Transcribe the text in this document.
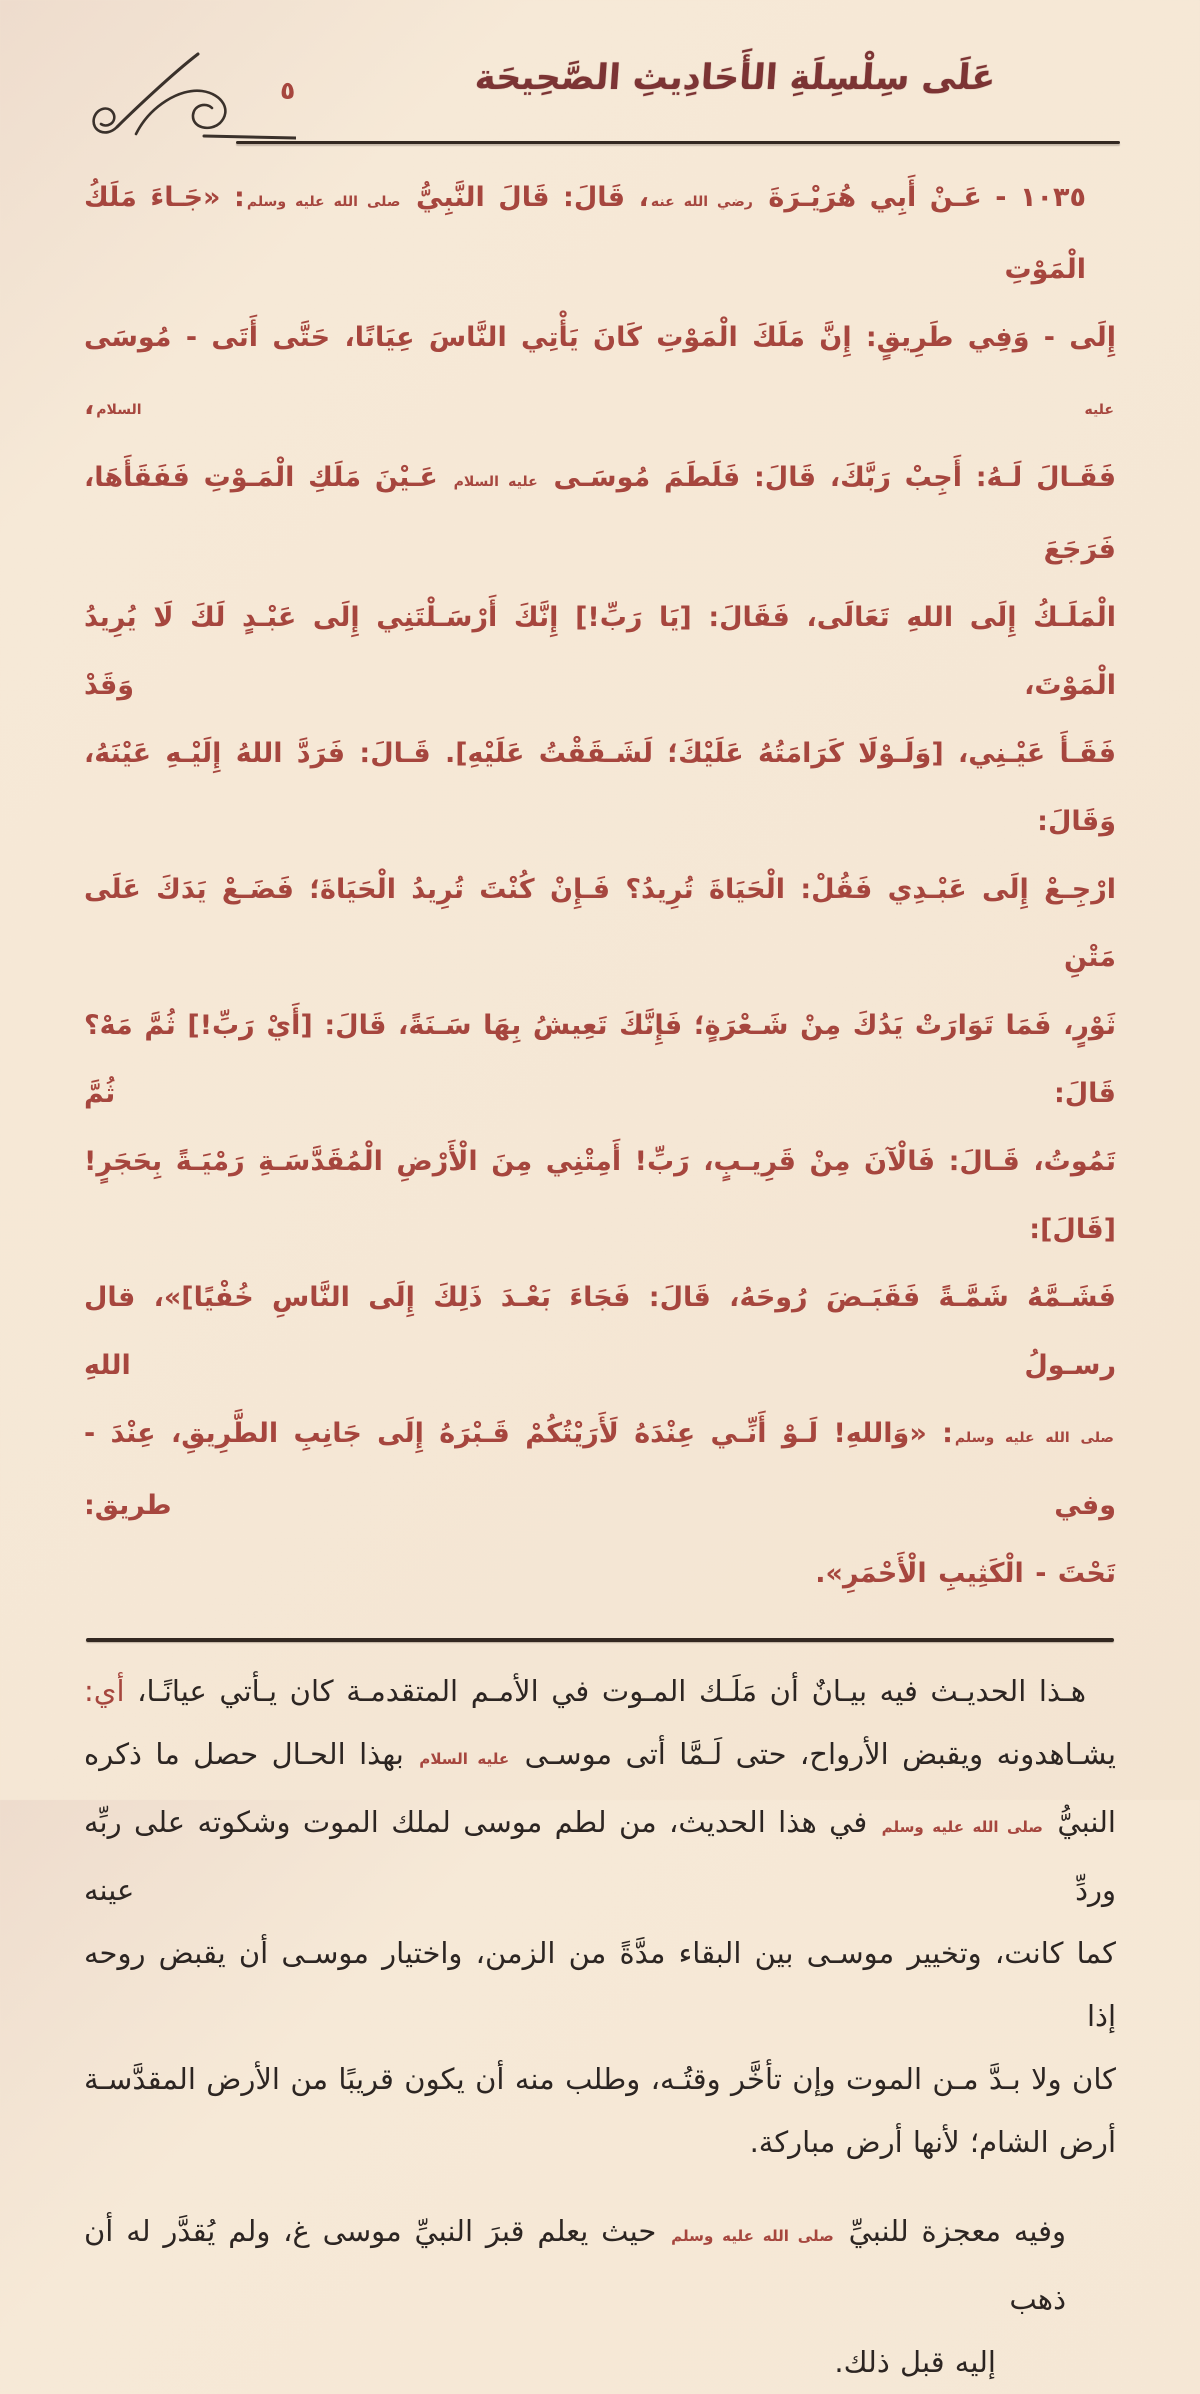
٥	عَلَى سِلْسِلَةِ الأَحَادِيثِ الصَّحِيحَة
١٠٣٥ - عَـنْ أَبِي هُرَيْـرَةَ رضي الله عنه، قَالَ: قَالَ النَّبِيُّ صلى الله عليه وسلم: «جَـاءَ مَلَكُ الْمَوْتِ
إِلَى - وَفِي طَرِيقٍ: إِنَّ مَلَكَ الْمَوْتِ كَانَ يَأْتِي النَّاسَ عِيَانًا، حَتَّى أَتَى - مُوسَى عليه السلام،
فَقَـالَ لَـهُ: أَجِبْ رَبَّكَ، قَالَ: فَلَطَمَ مُوسَـى عليه السلام عَـيْنَ مَلَكِ الْمَـوْتِ فَفَقَأَهَا، فَرَجَعَ
الْمَلَـكُ إِلَى اللهِ تَعَالَى، فَقَالَ: [يَا رَبِّ!] إِنَّكَ أَرْسَـلْتَنِي إِلَى عَبْـدٍ لَكَ لَا يُرِيدُ الْمَوْتَ، وَقَدْ
فَقَـأَ عَيْـنِي، [وَلَـوْلَا كَرَامَتُهُ عَلَيْكَ؛ لَشَـقَقْتُ عَلَيْهِ]. قَـالَ: فَرَدَّ اللهُ إِلَيْـهِ عَيْنَهُ، وَقَالَ:
ارْجِـعْ إِلَى عَبْـدِي فَقُلْ: الْحَيَاةَ تُرِيدُ؟ فَـإِنْ كُنْتَ تُرِيدُ الْحَيَاةَ؛ فَضَـعْ يَدَكَ عَلَى مَتْنِ
ثَوْرٍ، فَمَا تَوَارَتْ يَدُكَ مِنْ شَـعْرَةٍ؛ فَإِنَّكَ تَعِيشُ بِهَا سَـنَةً، قَالَ: [أَيْ رَبِّ!] ثُمَّ مَهْ؟ قَالَ: ثُمَّ
تَمُوتُ، قَـالَ: فَالْآنَ مِنْ قَرِيـبٍ، رَبِّ! أَمِتْنِي مِنَ الْأَرْضِ الْمُقَدَّسَـةِ رَمْيَـةً بِحَجَرٍ! [قَالَ]:
فَشَـمَّهُ شَمَّـةً فَقَبَـضَ رُوحَهُ، قَالَ: فَجَاءَ بَعْـدَ ذَلِكَ إِلَى النَّاسِ خُفْيًا]»، قال رسـولُ اللهِ
صلى الله عليه وسلم: «وَاللهِ! لَـوْ أَنِّـي عِنْدَهُ لَأَرَيْتُكُمْ قَـبْرَهُ إِلَى جَانِبِ الطَّرِيقِ، عِنْدَ - وفي طريق:
تَحْتَ - الْكَثِيبِ الْأَحْمَرِ».
هـذا الحديـث فيه بيـانٌ أن مَلَـك المـوت في الأمـم المتقدمـة كان يـأتي عيانًـا، أي:
يشـاهدونه ويقبض الأرواح، حتى لَـمَّا أتى موسـى عليه السلام بهذا الحـال حصل ما ذكره
النبيُّ صلى الله عليه وسلم في هذا الحديث، من لطم موسى لملك الموت وشكوته على ربِّه وردِّ عينه
كما كانت، وتخيير موسـى بين البقاء مدَّةً من الزمن، واختيار موسـى أن يقبض روحه إذا
كان ولا بـدَّ مـن الموت وإن تأخَّر وقتُـه، وطلب منه أن يكون قريبًا من الأرض المقدَّسـة
أرض الشام؛ لأنها أرض مباركة.
وفيه معجزة للنبيِّ صلى الله عليه وسلم حيث يعلم قبرَ النبيِّ موسى غ، ولم يُقدَّر له أن ذهب
إليه قبل ذلك.
